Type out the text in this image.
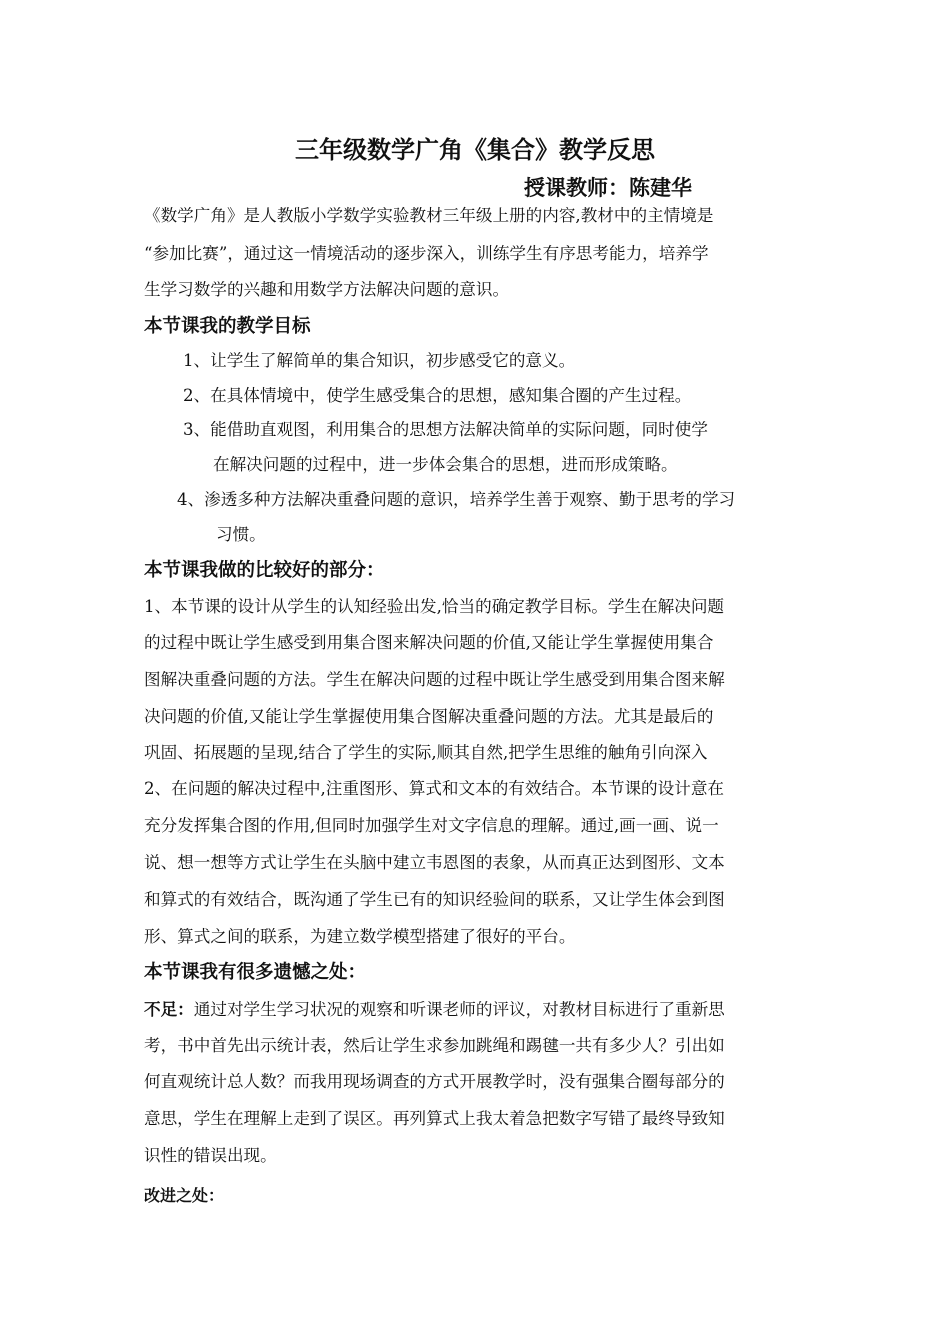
三年级数学广角《集合》教学反思
授课教师：陈建华
《数学广角》是人教版小学数学实验教材三年级上册的内容,教材中的主情境是
“参加比赛”，通过这一情境活动的逐步深入，训练学生有序思考能力，培养学
生学习数学的兴趣和用数学方法解决问题的意识。
本节课我的教学目标
1、让学生了解简单的集合知识，初步感受它的意义。
2、在具体情境中，使学生感受集合的思想，感知集合圈的产生过程。
3、能借助直观图，利用集合的思想方法解决简单的实际问题，同时使学
在解决问题的过程中，进一步体会集合的思想，进而形成策略。
4、渗透多种方法解决重叠问题的意识，培养学生善于观察、勤于思考的学习
习惯。
本节课我做的比较好的部分：
1、本节课的设计从学生的认知经验出发,恰当的确定教学目标。学生在解决问题
的过程中既让学生感受到用集合图来解决问题的价值,又能让学生掌握使用集合
图解决重叠问题的方法。学生在解决问题的过程中既让学生感受到用集合图来解
决问题的价值,又能让学生掌握使用集合图解决重叠问题的方法。尤其是最后的
巩固、拓展题的呈现,结合了学生的实际,顺其自然,把学生思维的触角引向深入
2、在问题的解决过程中,注重图形、算式和文本的有效结合。本节课的设计意在
充分发挥集合图的作用,但同时加强学生对文字信息的理解。通过,画一画、说一
说、想一想等方式让学生在头脑中建立韦恩图的表象，从而真正达到图形、文本
和算式的有效结合，既沟通了学生已有的知识经验间的联系，又让学生体会到图
形、算式之间的联系，为建立数学模型搭建了很好的平台。
本节课我有很多遗憾之处：
不足：通过对学生学习状况的观察和听课老师的评议，对教材目标进行了重新思
考，书中首先出示统计表，然后让学生求参加跳绳和踢毽一共有多少人？引出如
何直观统计总人数？而我用现场调查的方式开展教学时，没有强集合圈每部分的
意思，学生在理解上走到了误区。再列算式上我太着急把数字写错了最终导致知
识性的错误出现。
改进之处：
